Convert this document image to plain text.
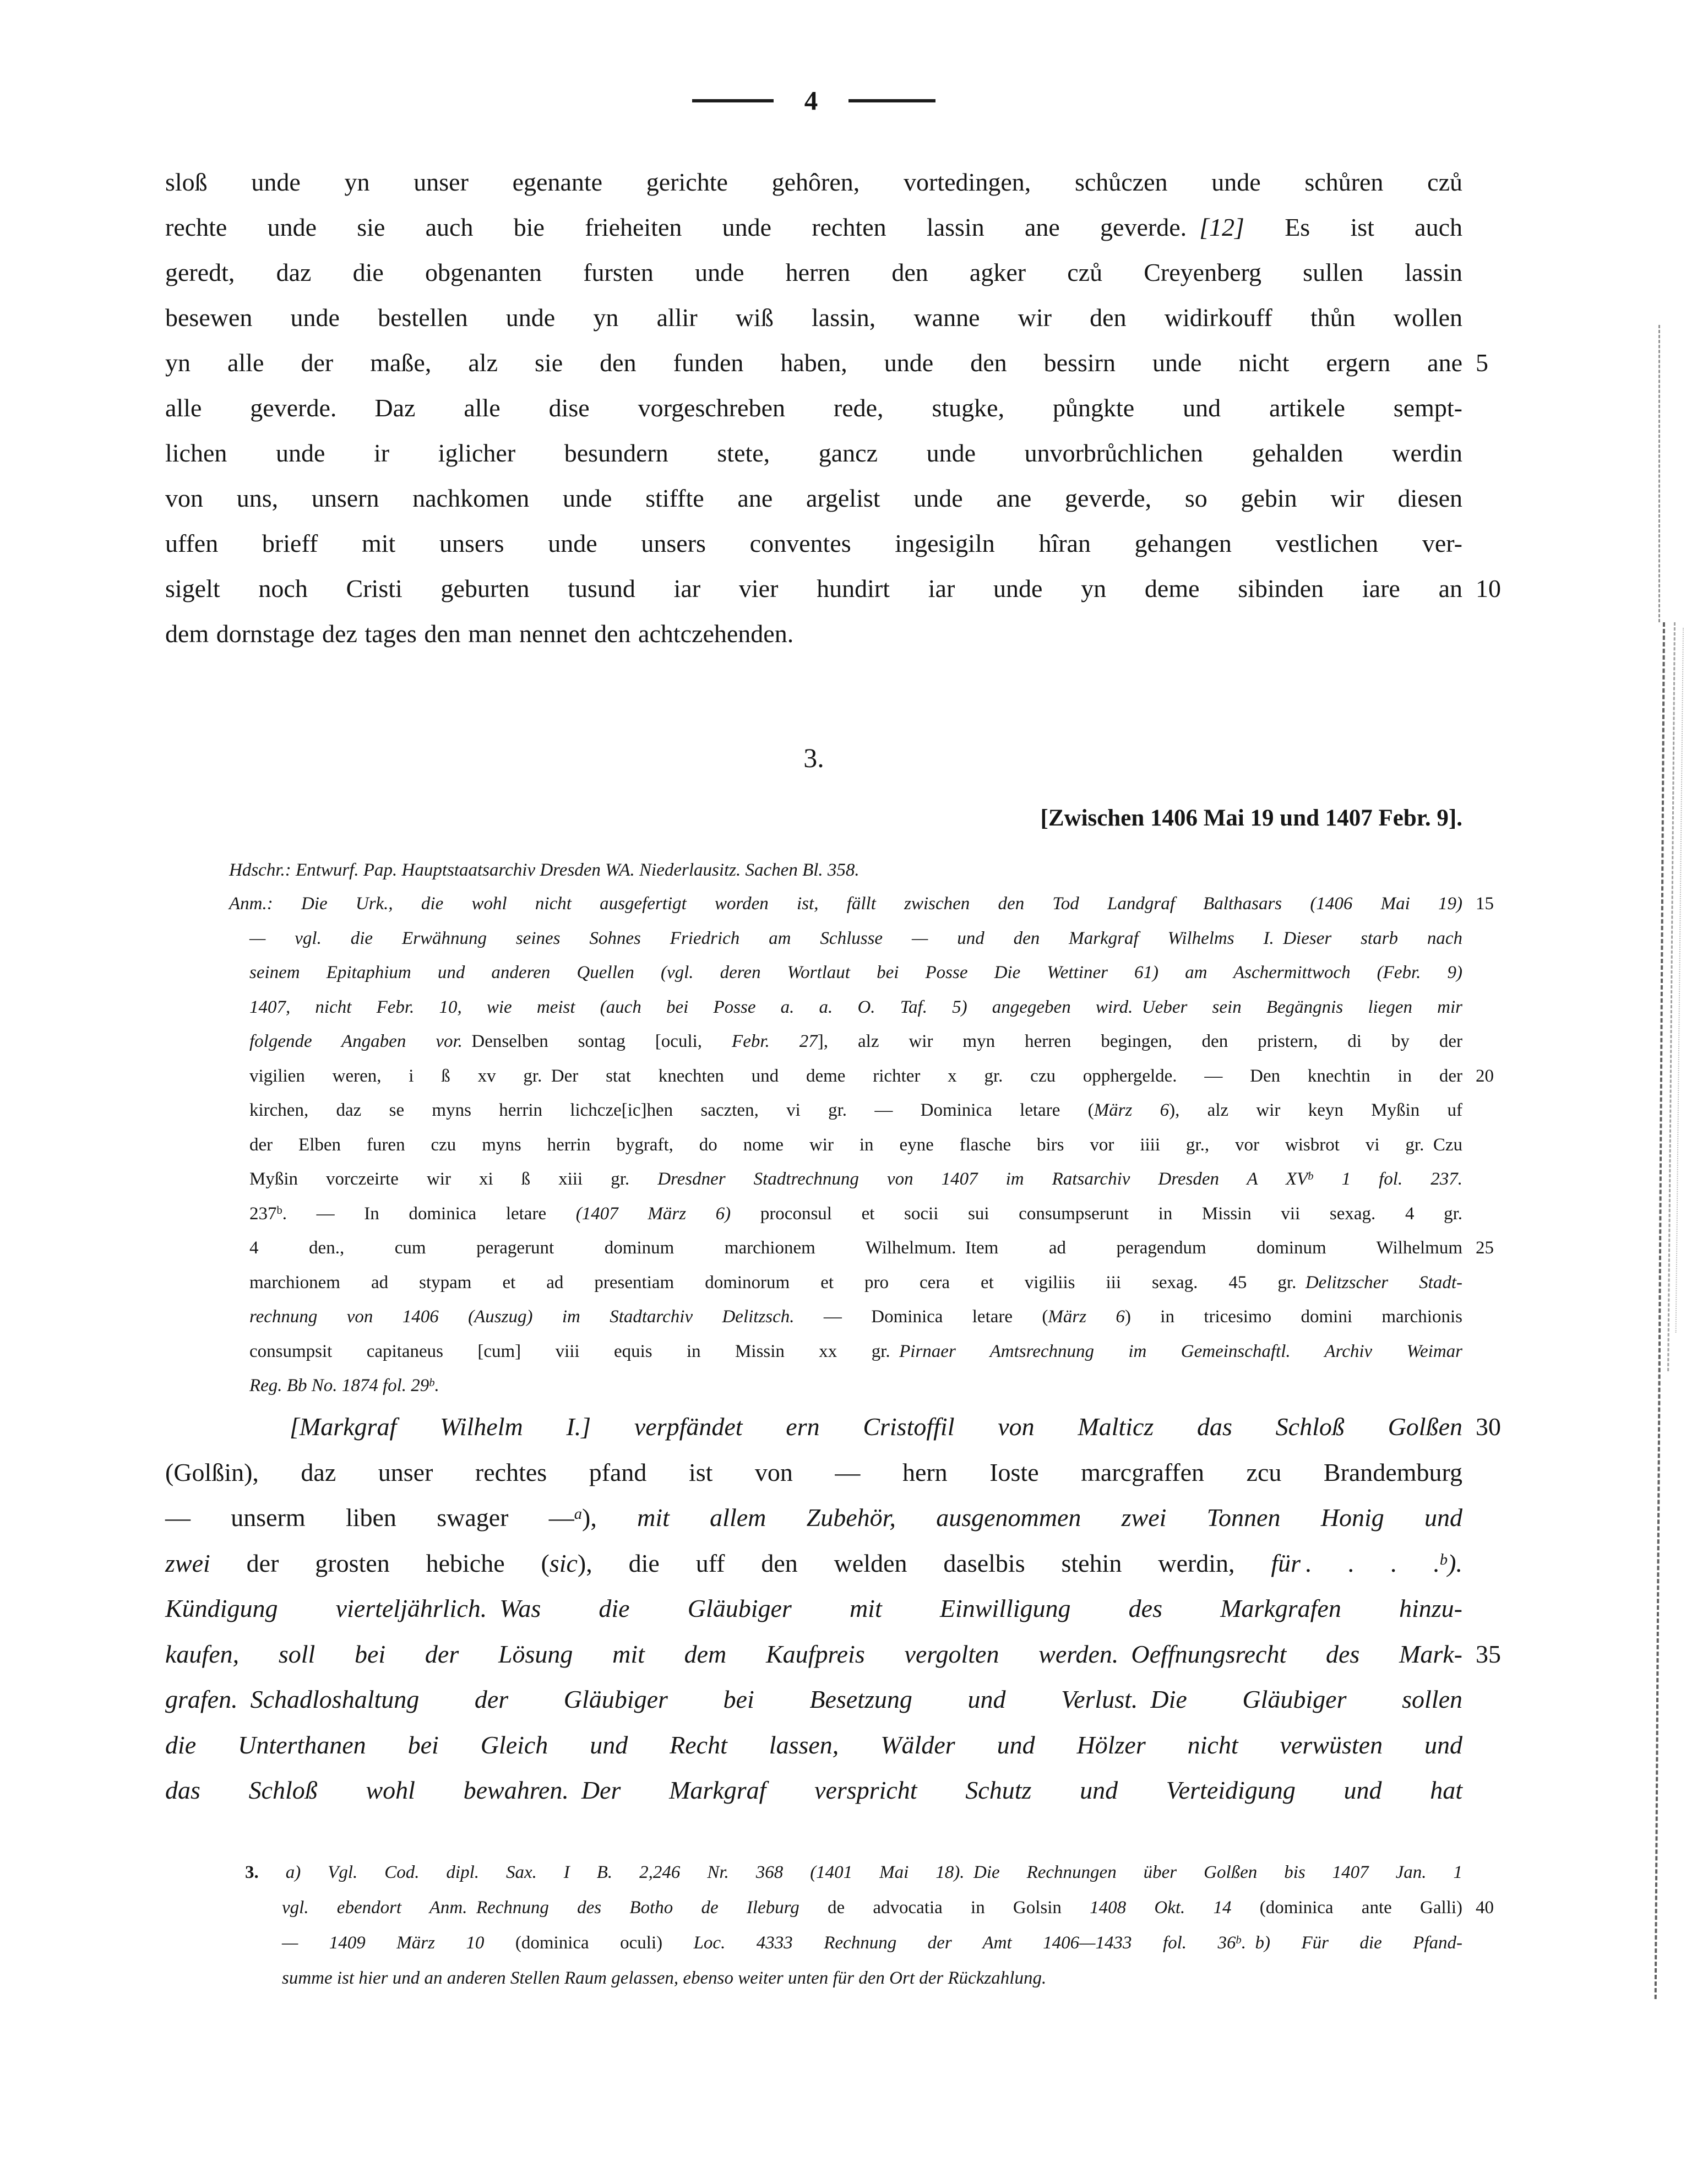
4
sloß unde yn unser egenante gerichte gehôren, vortedingen, schůczen unde schůren czů
rechte unde sie auch bie frieheiten unde rechten lassin ane geverde. [12] Es ist auch
geredt, daz die obgenanten fursten unde herren den agker czů Creyenberg sullen lassin
besewen unde bestellen unde yn allir wiß lassin, wanne wir den widirkouff thůn wollen
yn alle der maße, alz sie den funden haben, unde den bessirn unde nicht ergern ane 5
alle geverde.  Daz alle dise vorgeschreben rede, stugke, půngkte und artikele sempt-
lichen unde ir iglicher besundern stete, gancz unde unvorbrůchlichen gehalden werdin
von uns, unsern nachkomen unde stiffte ane argelist unde ane geverde, so gebin wir diesen
uffen brieff mit unsers unde unsers conventes ingesigiln hîran gehangen vestlichen ver-
sigelt noch Cristi geburten tusund iar vier hundirt iar unde yn deme sibinden iare an 10
dem dornstage dez tages den man nennet den achtczehenden.
3.
[Zwischen 1406 Mai 19 und 1407 Febr. 9].
Hdschr.: Entwurf. Pap. Hauptstaatsarchiv Dresden WA. Niederlausitz. Sachen Bl. 358.
Anm.: Die Urk., die wohl nicht ausgefertigt worden ist, fällt zwischen den Tod Landgraf Balthasars (1406 Mai 19) 15
— vgl. die Erwähnung seines Sohnes Friedrich am Schlusse — und den Markgraf Wilhelms I. Dieser starb nach
seinem Epitaphium und anderen Quellen (vgl. deren Wortlaut bei Posse Die Wettiner 61) am Aschermittwoch (Febr. 9)
1407, nicht Febr. 10, wie meist (auch bei Posse a. a. O. Taf. 5) angegeben wird. Ueber sein Begängnis liegen mir
folgende Angaben vor. Denselben sontag [oculi, Febr. 27], alz wir myn herren begingen, den pristern, di by der
vigilien weren, i ß xv gr. Der stat knechten und deme richter x gr. czu opphergelde. — Den knechtin in der 20
kirchen, daz se myns herrin lichcze[ic]hen saczten, vi gr. — Dominica letare (März 6), alz wir keyn Myßin uf
der Elben furen czu myns herrin bygraft, do nome wir in eyne flasche birs vor iiii gr., vor wisbrot vi gr. Czu
Myßin vorczeirte wir xi ß xiii gr. Dresdner Stadtrechnung von 1407 im Ratsarchiv Dresden A $XV^b$ 1 fol. 237.
237$^b$. — In dominica letare (1407 März 6) proconsul et socii sui consumpserunt in Missin vii sexag. 4 gr.
4 den., cum peragerunt dominum marchionem Wilhelmum. Item ad peragendum dominum Wilhelmum 25
marchionem ad stypam et ad presentiam dominorum et pro cera et vigiliis iii sexag. 45 gr. Delitzscher Stadt-
rechnung von 1406 (Auszug) im Stadtarchiv Delitzsch. — Dominica letare (März 6) in tricesimo domini marchionis
consumpsit capitaneus [cum] viii equis in Missin xx gr. Pirnaer Amtsrechnung im Gemeinschaftl. Archiv Weimar
Reg. Bb No. 1874 fol. 29$^b$.
[Markgraf Wilhelm I.] verpfändet ern Cristoffil von Malticz das Schloß Golßen 30
(Golßin), daz unser rechtes pfand ist von — hern Ioste marcgraffen zcu Brandemburg
— unserm liben swager —$^a$), mit allem Zubehör, ausgenommen zwei Tonnen Honig und
zwei der grosten hebiche (sic), die uff den welden daselbis stehin werdin, für . . . .$^b$).
Kündigung vierteljährlich. Was die Gläubiger mit Einwilligung des Markgrafen hinzu-
kaufen, soll bei der Lösung mit dem Kaufpreis vergolten werden. Oeffnungsrecht des Mark- 35
grafen. Schadloshaltung der Gläubiger bei Besetzung und Verlust. Die Gläubiger sollen
die Unterthanen bei Gleich und Recht lassen, Wälder und Hölzer nicht verwüsten und
das Schloß wohl bewahren. Der Markgraf verspricht Schutz und Verteidigung und hat
3. a) Vgl. Cod. dipl. Sax. I B. 2,246 Nr. 368 (1401 Mai 18). Die Rechnungen über Golßen bis 1407 Jan. 1
vgl. ebendort Anm. Rechnung des Botho de Ileburg de advocatia in Golsin 1408 Okt. 14 (dominica ante Galli) 40
— 1409 März 10 (dominica oculi) Loc. 4333 Rechnung der Amt 1406—1433 fol. 36$^b$. b) Für die Pfand-
summe ist hier und an anderen Stellen Raum gelassen, ebenso weiter unten für den Ort der Rückzahlung.
